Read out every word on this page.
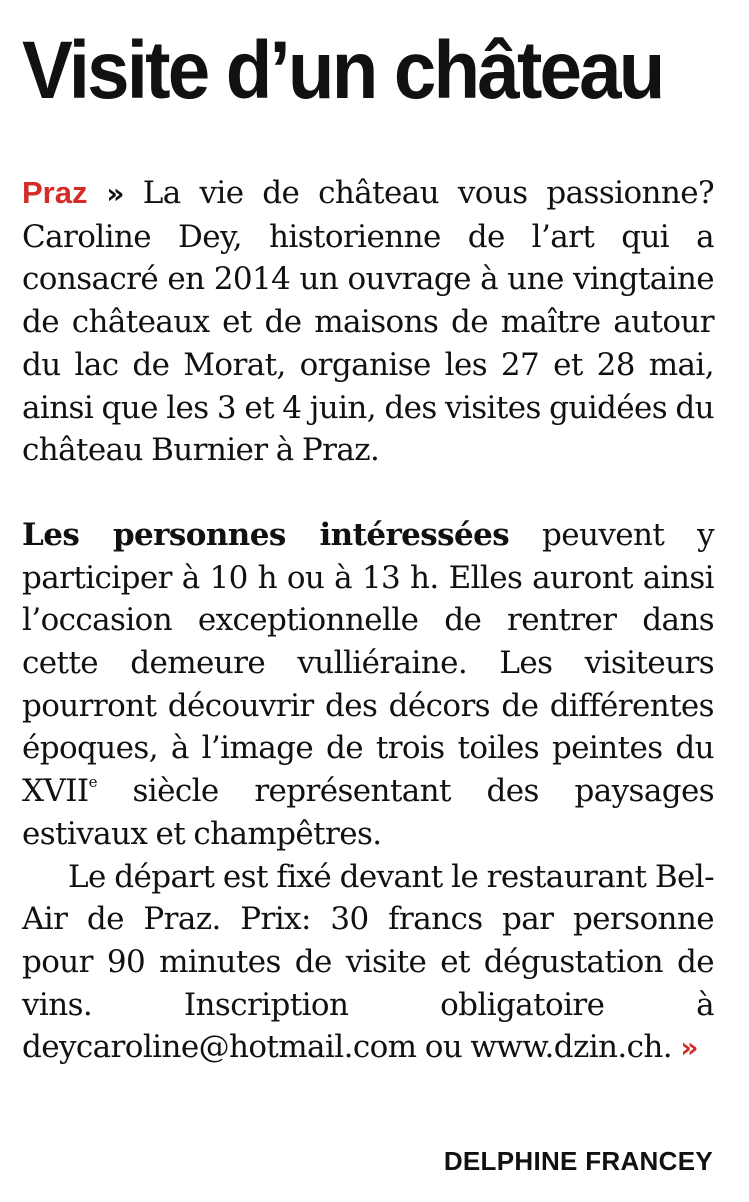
Visite d’un château

Praz » La vie de château vous passionne? Caroline Dey, historienne de l’art qui a consacré en 2014 un ouvrage à une vingtaine de châteaux et de maisons de maître autour du lac de Morat, organise les 27 et 28 mai, ainsi que les 3 et 4 juin, des visites guidées du château Burnier à Praz.

Les personnes intéressées peuvent y participer à 10 h ou à 13 h. Elles auront ainsi l’occasion exceptionnelle de rentrer dans cette demeure vulliéraine. Les visiteurs pourront découvrir des décors de différentes époques, à l’image de trois toiles peintes du XVIIe siècle représentant des paysages estivaux et champêtres.

Le départ est fixé devant le restaurant Bel-Air de Praz. Prix: 30 francs par personne pour 90 minutes de visite et dégustation de vins. Inscription obligatoire à deycaroline@hotmail.com ou www.dzin.ch. »

DELPHINE FRANCEY
